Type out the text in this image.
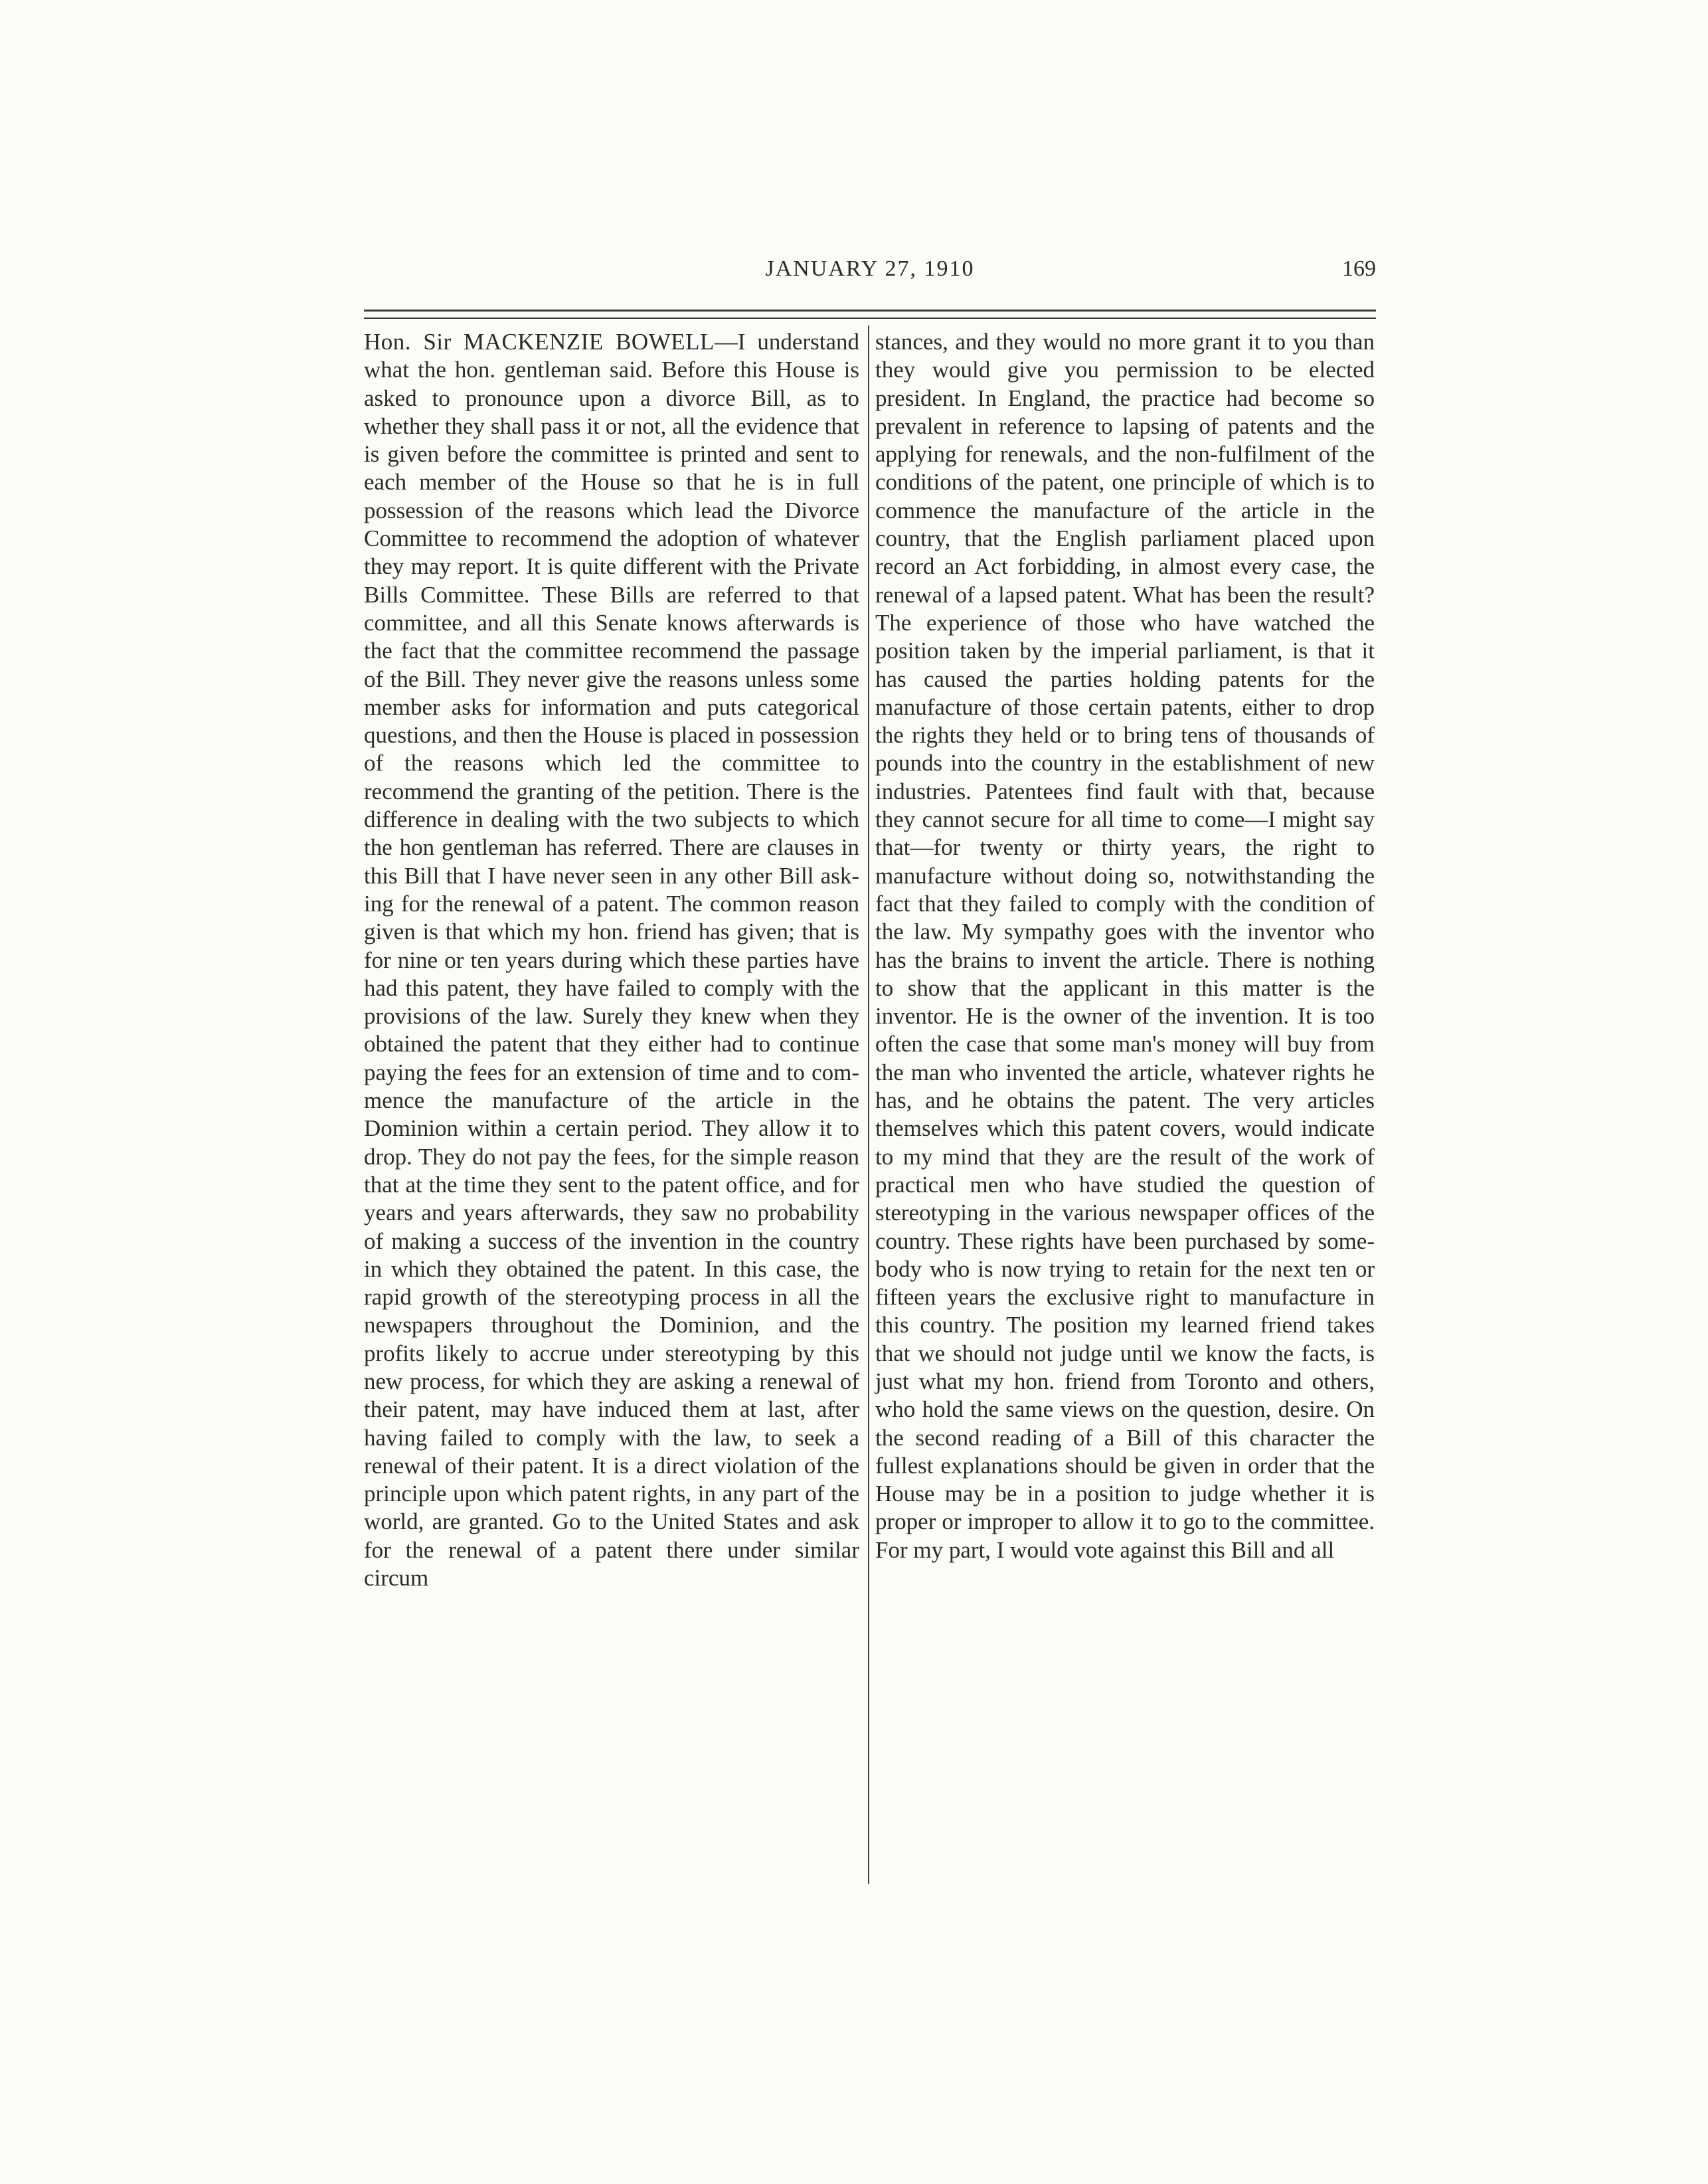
JANUARY 27, 1910	169

Hon. Sir MACKENZIE BOWELL—I understand what the hon. gentleman said. Before this House is asked to pronounce upon a divorce Bill, as to whether they shall pass it or not, all the evidence that is given before the committee is printed and sent to each member of the House so that he is in full possession of the reasons which lead the Divorce Committee to recommend the adoption of whatever they may report. It is quite different with the Private Bills Committee. These Bills are referred to that committee, and all this Senate knows afterwards is the fact that the committee recommend the passage of the Bill. They never give the reasons unless some member asks for information and puts categorical questions, and then the House is placed in possession of the reasons which led the committee to recommend the granting of the petition. There is the difference in dealing with the two subjects to which the hon gentleman has referred. There are clauses in this Bill that I have never seen in any other Bill asking for the renewal of a patent. The common reason given is that which my hon. friend has given; that is for nine or ten years during which these parties have had this patent, they have failed to comply with the provisions of the law. Surely they knew when they obtained the patent that they either had to continue paying the fees for an extension of time and to commence the manufacture of the article in the Dominion within a certain period. They allow it to drop. They do not pay the fees, for the simple reason that at the time they sent to the patent office, and for years and years afterwards, they saw no probability of making a success of the invention in the country in which they obtained the patent. In this case, the rapid growth of the stereotyping process in all the newspapers throughout the Dominion, and the profits likely to accrue under stereotyping by this new process, for which they are asking a renewal of their patent, may have induced them at last, after having failed to comply with the law, to seek a renewal of their patent. It is a direct violation of the principle upon which patent rights, in any part of the world, are granted. Go to the United States and ask for the renewal of a patent there under similar circum

stances, and they would no more grant it to you than they would give you permission to be elected president. In England, the practice had become so prevalent in reference to lapsing of patents and the applying for renewals, and the non-fulfilment of the conditions of the patent, one principle of which is to commence the manufacture of the article in the country, that the English parliament placed upon record an Act forbidding, in almost every case, the renewal of a lapsed patent. What has been the result? The experience of those who have watched the position taken by the imperial parliament, is that it has caused the parties holding patents for the manufacture of those certain patents, either to drop the rights they held or to bring tens of thousands of pounds into the country in the establishment of new industries. Patentees find fault with that, because they cannot secure for all time to come—I might say that—for twenty or thirty years, the right to manufacture without doing so, notwithstanding the fact that they failed to comply with the condition of the law. My sympathy goes with the inventor who has the brains to invent the article. There is nothing to show that the applicant in this matter is the inventor. He is the owner of the invention. It is too often the case that some man's money will buy from the man who invented the article, whatever rights he has, and he obtains the patent. The very articles themselves which this patent covers, would indicate to my mind that they are the result of the work of practical men who have studied the question of stereotyping in the various newspaper offices of the country. These rights have been purchased by somebody who is now trying to retain for the next ten or fifteen years the exclusive right to manufacture in this country. The position my learned friend takes that we should not judge until we know the facts, is just what my hon. friend from Toronto and others, who hold the same views on the question, desire. On the second reading of a Bill of this character the fullest explanations should be given in order that the House may be in a position to judge whether it is proper or improper to allow it to go to the committee. For my part, I would vote against this Bill and all
